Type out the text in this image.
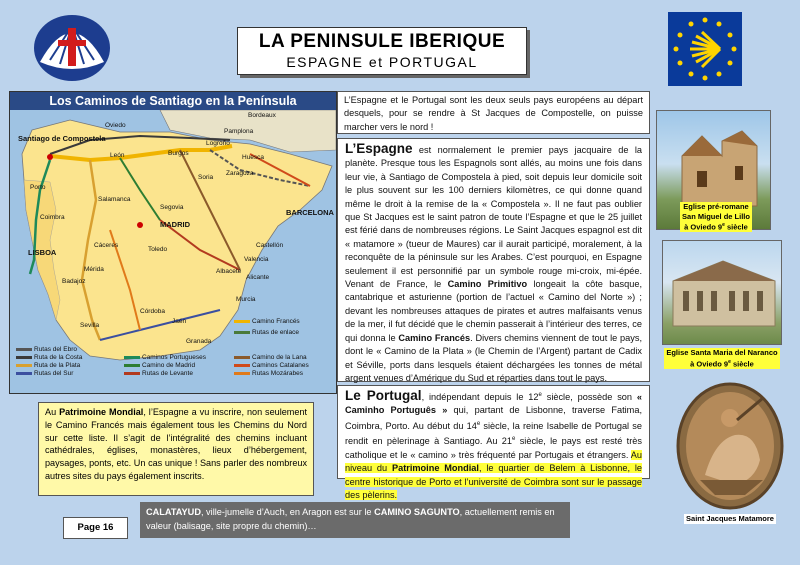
LA PENINSULE IBERIQUE
ESPAGNE et PORTUGAL
Los Caminos de Santiago en la Península
Santiago de Compostela
Bordeaux
Oviedo
León	Burgos
Logroño
Pamplona
Huesca
Zaragoza
Soria
BARCELONA
Salamanca
Segovia
MADRID
Toledo
Porto
Coimbra
LISBOA
Cáceres
Mérida
Badajoz
Córdoba
Jaén
Sevilla
Granada
Murcia
Alicante
Albacete
Valencia
Castellón
Camino Francés
Rutas de enlace
Rutas del Ebro
Ruta de la Costa
Ruta de la Plata
Rutas del Sur
Caminos Portugueses
Camino de Madrid
Rutas de Levante
Camino de la Lana
Caminos Catalanes
Rutas Mozárabes
L’Espagne et le Portugal sont les deux seuls pays européens au départ desquels, pour se rendre à St Jacques de Compostelle, on puisse marcher vers le nord !
L’Espagne est normalement le premier pays jacquaire de la planète. Presque tous les Espagnols sont allés, au moins une fois dans leur vie, à Santiago de Compostela à pied, soit depuis leur domicile soit le plus souvent sur les 100 derniers kilomètres, ce qui donne quand même le droit à la remise de la « Compostela ». Il ne faut pas oublier que St Jacques est le saint patron de toute l’Espagne et que le 25 juillet est férié dans de nombreuses régions. Le Saint Jacques espagnol est dit « matamore » (tueur de Maures) car il aurait participé, moralement, à la reconquête de la péninsule sur les Arabes. C’est pourquoi, en Espagne seulement il est personnifié par un symbole rouge mi-croix, mi-épée. Venant de France, le Camino Primitivo longeait la côte basque, cantabrique et asturienne (portion de l’actuel « Camino del Norte ») ; devant les nombreuses attaques de pirates et autres malfaisants venus de la mer, il fut décidé que le chemin passerait à l’intérieur des terres, ce qui donna le Camino Francés. Divers chemins viennent de tout le pays, dont le « Camino de la Plata » (le Chemin de l’Argent) partant de Cadix et Séville, ports dans lesquels étaient déchargées les tonnes de métal argent venues d’Amérique du Sud et réparties dans tout le pays.
Le Portugal, indépendant depuis le 12e siècle, possède son « Caminho Português » qui, partant de Lisbonne, traverse Fatima, Coimbra, Porto. Au début du 14e siècle, la reine Isabelle de Portugal se rendit en pèlerinage à Santiago. Au 21e siècle, le pays est resté très catholique et le « camino » très fréquenté par Portugais et étrangers. Au niveau du Patrimoine Mondial, le quartier de Belem à Lisbonne, le centre historique de Porto et l’université de Coimbra sont sur le passage des pèlerins.
Au Patrimoine Mondial, l’Espagne a vu inscrire, non seulement le Camino Francés mais également tous les Chemins du Nord sur cette liste. Il s’agit de l’intégralité des chemins incluant cathédrales, églises, monastères, lieux d’hébergement, paysages, ponts, etc. Un cas unique ! Sans parler des nombreux autres sites du pays également inscrits.
Eglise pré-romane
San Miguel de Lillo
à Oviedo 9e siècle
Eglise Santa Maria del Naranco
à Oviedo 9e siècle
Saint Jacques Matamore
Page 16
CALATAYUD, ville-jumelle d’Auch, en Aragon est sur le CAMINO SAGUNTO, actuellement remis en valeur (balisage, site propre du chemin)…
